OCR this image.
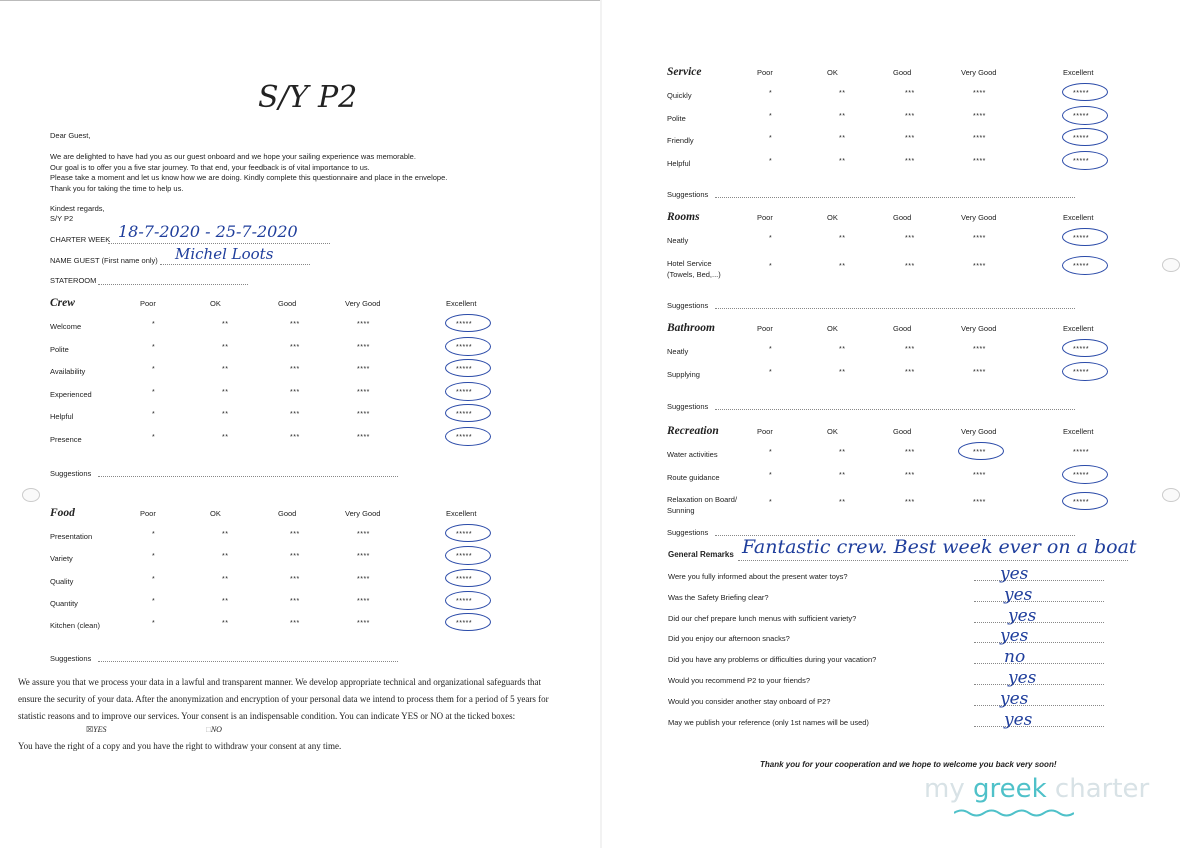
S/Y P2
Dear Guest,
We are delighted to have had you as our guest onboard and we hope your sailing experience was memorable.
Our goal is to offer you a five star journey. To that end, your feedback is of vital importance to us.
Please take a moment and let us know how we are doing. Kindly complete this questionnaire and place in the envelope.
Thank you for taking the time to help us.
Kindest regards,
S/Y P2
CHARTER WEEK 18-7-2020 - 25-7-2020
NAME GUEST (First name only) Michel Loots
STATEROOM
Crew	Poor	OK	Good	Very Good	Excellent
Welcome	*	**	***	****	*****
Polite	*	**	***	****	*****
Availability	*	**	***	****	*****
Experienced	*	**	***	****	*****
Helpful	*	**	***	****	*****
Presence	*	**	***	****	*****
Suggestions
Food	Poor	OK	Good	Very Good	Excellent
Presentation	*	**	***	****	*****
Variety	*	**	***	****	*****
Quality	*	**	***	****	*****
Quantity	*	**	***	****	*****
Kitchen (clean)	*	**	***	****	*****
Suggestions
We assure you that we process your data in a lawful and transparent manner. We develop appropriate technical and organizational safeguards that
ensure the security of your data. After the anonymization and encryption of your personal data we intend to process them for a period of 5 years for
statistic reasons and to improve our services. Your consent is an indispensable condition. You can indicate YES or NO at the ticked boxes:
☒YES	□NO
You have the right of a copy and you have the right to withdraw your consent at any time.
Service	Poor	OK	Good	Very Good	Excellent
Quickly	*	**	***	****	*****
Polite	*	**	***	****	*****
Friendly	*	**	***	****	*****
Helpful	*	**	***	****	*****
Suggestions
Rooms	Poor	OK	Good	Very Good	Excellent
Neatly	*	**	***	****	*****
Hotel Service
(Towels, Bed,...)
*	**	***	****	*****
Suggestions
Bathroom	Poor	OK	Good	Very Good	Excellent
Neatly	*	**	***	****	*****
Supplying	*	**	***	****	*****
Suggestions
Recreation	Poor	OK	Good	Very Good	Excellent
Water activities	*	**	***	****	*****
Route guidance	*	**	***	****	*****
Relaxation on Board/
Sunning
*	**	***	****	*****
Suggestions
General Remarks Fantastic crew. Best week ever on a boat
Were you fully informed about the present water toys?	yes
Was the Safety Briefing clear?	yes
Did our chef prepare lunch menus with sufficient variety?	yes
Did you enjoy our afternoon snacks?	yes
Did you have any problems or difficulties during your vacation?	no
Would you recommend P2 to your friends?	yes
Would you consider another stay onboard of P2?	yes
May we publish your reference (only 1st names will be used)	yes
Thank you for your cooperation and we hope to welcome you back very soon!
my greek charter
